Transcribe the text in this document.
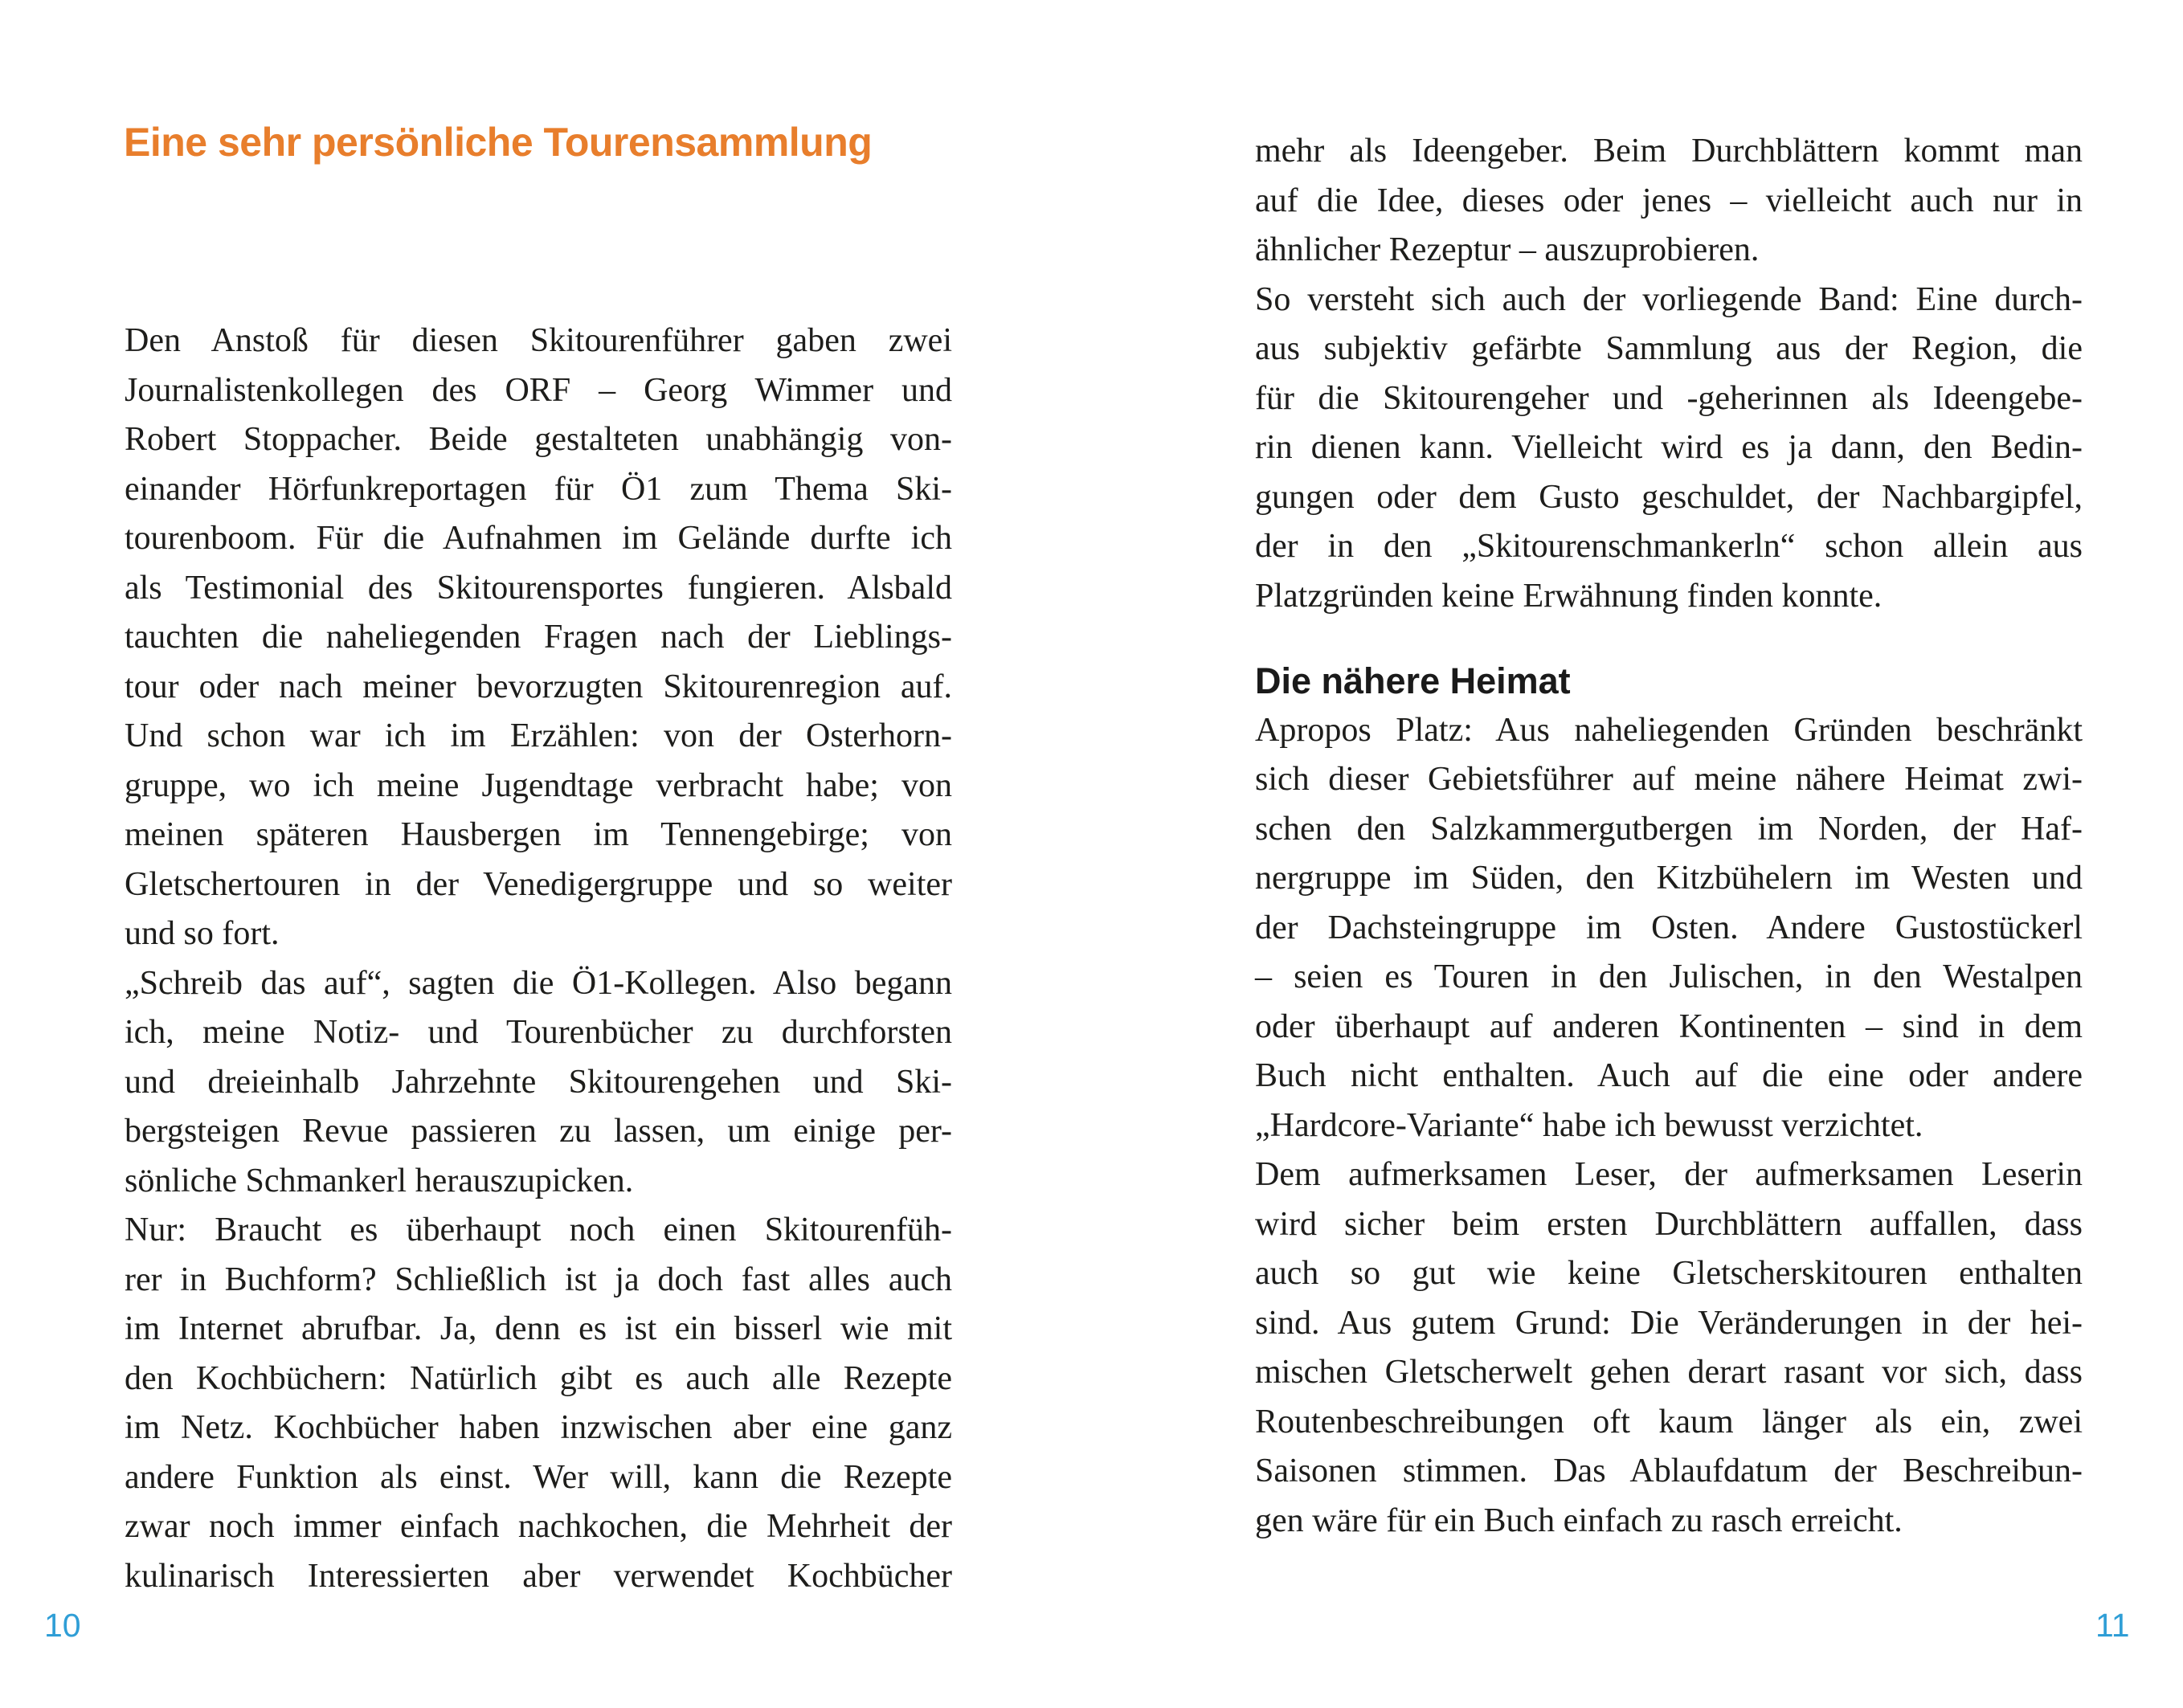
Eine sehr persönliche Tourensammlung
Den Anstoß für diesen Skitourenführer gaben zwei
Journalistenkollegen des ORF – Georg Wimmer und
Robert Stoppacher. Beide gestalteten unabhängig von-
einander Hörfunkreportagen für Ö1 zum Thema Ski-
tourenboom. Für die Aufnahmen im Gelände durfte ich
als Testimonial des Skitourensportes fungieren. Alsbald
tauchten die naheliegenden Fragen nach der Lieblings-
tour oder nach meiner bevorzugten Skitourenregion auf.
Und schon war ich im Erzählen: von der Osterhorn-
gruppe, wo ich meine Jugendtage verbracht habe; von
meinen späteren Hausbergen im Tennengebirge; von
Gletschertouren in der Venedigergruppe und so weiter
und so fort.
„Schreib das auf“, sagten die Ö1-Kollegen. Also begann
ich, meine Notiz- und Tourenbücher zu durchforsten
und dreieinhalb Jahrzehnte Skitourengehen und Ski-
bergsteigen Revue passieren zu lassen, um einige per-
sönliche Schmankerl herauszupicken.
Nur: Braucht es überhaupt noch einen Skitourenfüh-
rer in Buchform? Schließlich ist ja doch fast alles auch
im Internet abrufbar. Ja, denn es ist ein bisserl wie mit
den Kochbüchern: Natürlich gibt es auch alle Rezepte
im Netz. Kochbücher haben inzwischen aber eine ganz
andere Funktion als einst. Wer will, kann die Rezepte
zwar noch immer einfach nachkochen, die Mehrheit der
kulinarisch Interessierten aber verwendet Kochbücher
mehr als Ideengeber. Beim Durchblättern kommt man
auf die Idee, dieses oder jenes – vielleicht auch nur in
ähnlicher Rezeptur – auszuprobieren.
So versteht sich auch der vorliegende Band: Eine durch-
aus subjektiv gefärbte Sammlung aus der Region, die
für die Skitourengeher und -geherinnen als Ideengebe-
rin dienen kann. Vielleicht wird es ja dann, den Bedin-
gungen oder dem Gusto geschuldet, der Nachbargipfel,
der in den „Skitourenschmankerln“ schon allein aus
Platzgründen keine Erwähnung finden konnte.
Die nähere Heimat
Apropos Platz: Aus naheliegenden Gründen beschränkt
sich dieser Gebietsführer auf meine nähere Heimat zwi-
schen den Salzkammergutbergen im Norden, der Haf-
nergruppe im Süden, den Kitzbühelern im Westen und
der Dachsteingruppe im Osten. Andere Gustostückerl
– seien es Touren in den Julischen, in den Westalpen
oder überhaupt auf anderen Kontinenten – sind in dem
Buch nicht enthalten. Auch auf die eine oder andere
„Hardcore-Variante“ habe ich bewusst verzichtet.
Dem aufmerksamen Leser, der aufmerksamen Leserin
wird sicher beim ersten Durchblättern auffallen, dass
auch so gut wie keine Gletscherskitouren enthalten
sind. Aus gutem Grund: Die Veränderungen in der hei-
mischen Gletscherwelt gehen derart rasant vor sich, dass
Routenbeschreibungen oft kaum länger als ein, zwei
Saisonen stimmen. Das Ablaufdatum der Beschreibun-
gen wäre für ein Buch einfach zu rasch erreicht.
10	11
